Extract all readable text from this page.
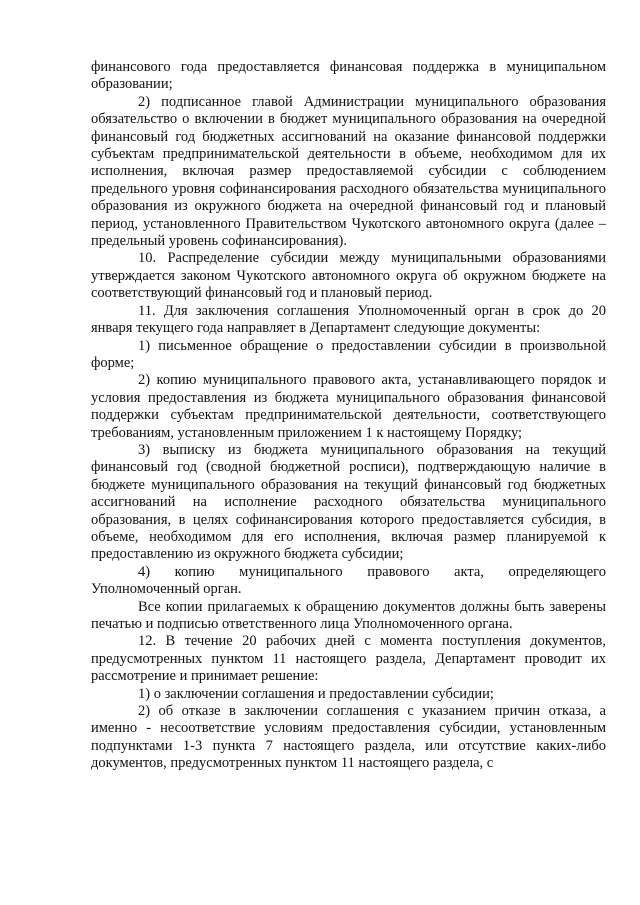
финансового года предоставляется финансовая поддержка в муниципальном образовании;

2) подписанное главой Администрации муниципального образования обязательство о включении в бюджет муниципального образования на очередной финансовый год бюджетных ассигнований на оказание финансовой поддержки субъектам предпринимательской деятельности в объеме, необходимом для их исполнения, включая размер предоставляемой субсидии с соблюдением предельного уровня софинансирования расходного обязательства муниципального образования из окружного бюджета на очередной финансовый год и плановый период, установленного Правительством Чукотского автономного округа (далее – предельный уровень софинансирования).

10. Распределение субсидии между муниципальными образованиями утверждается законом Чукотского автономного округа об окружном бюджете на соответствующий финансовый год и плановый период.

11. Для заключения соглашения Уполномоченный орган в срок до 20 января текущего года направляет в Департамент следующие документы:

1) письменное обращение о предоставлении субсидии в произвольной форме;

2) копию муниципального правового акта, устанавливающего порядок и условия предоставления из бюджета муниципального образования финансовой поддержки субъектам предпринимательской деятельности, соответствующего требованиям, установленным приложением 1 к настоящему Порядку;

3) выписку из бюджета муниципального образования на текущий финансовый год (сводной бюджетной росписи), подтверждающую наличие в бюджете муниципального образования на текущий финансовый год бюджетных ассигнований на исполнение расходного обязательства муниципального образования, в целях софинансирования которого предоставляется субсидия, в объеме, необходимом для его исполнения, включая размер планируемой к предоставлению из окружного бюджета субсидии;

4) копию муниципального правового акта, определяющего Уполномоченный орган.

Все копии прилагаемых к обращению документов должны быть заверены печатью и подписью ответственного лица Уполномоченного органа.

12. В течение 20 рабочих дней с момента поступления документов, предусмотренных пунктом 11 настоящего раздела, Департамент проводит их рассмотрение и принимает решение:

1) о заключении соглашения и предоставлении субсидии;

2) об отказе в заключении соглашения с указанием причин отказа, а именно - несоответствие условиям предоставления субсидии, установленным подпунктами 1-3 пункта 7 настоящего раздела, или отсутствие каких-либо документов, предусмотренных пунктом 11 настоящего раздела, с
